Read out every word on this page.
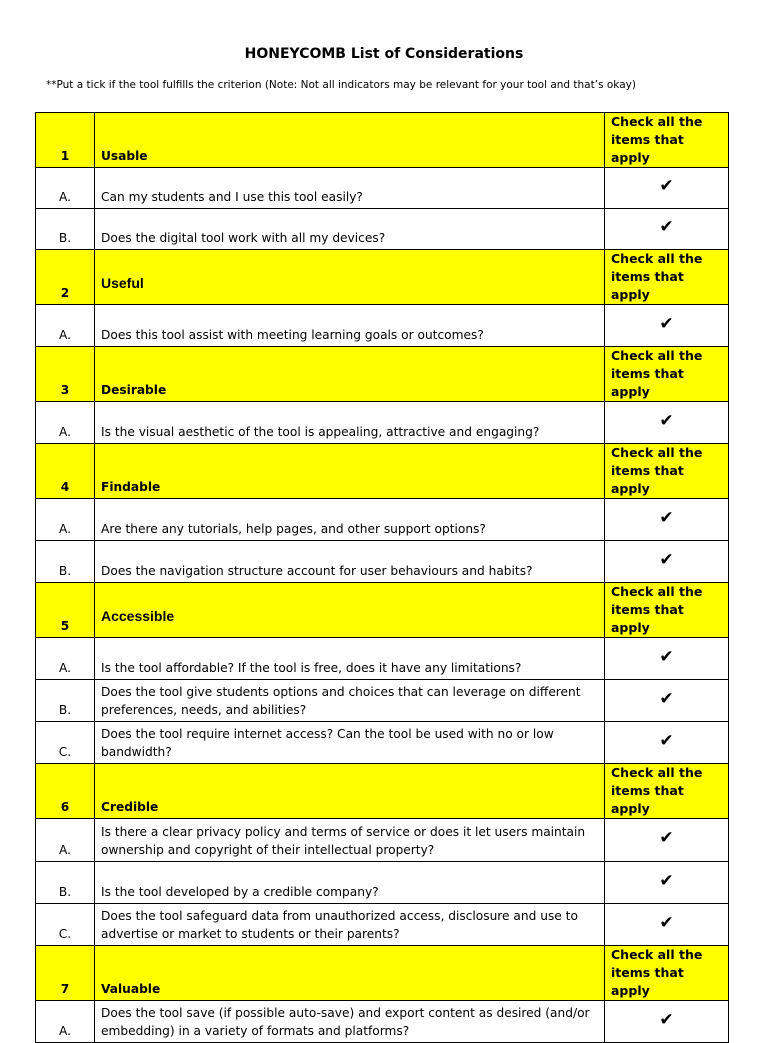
HONEYCOMB List of Considerations
**Put a tick if the tool fulfills the criterion (Note: Not all indicators may be relevant for your tool and that’s okay)
1	Usable	Check all the items that apply
A.	Can my students and I use this tool easily?	✔
B.	Does the digital tool work with all my devices?	✔
2	Useful	Check all the items that apply
A.	Does this tool assist with meeting learning goals or outcomes?	✔
3	Desirable	Check all the items that apply
A.	Is the visual aesthetic of the tool is appealing, attractive and engaging?	✔
4	Findable	Check all the items that apply
A.	Are there any tutorials, help pages, and other support options?	✔
B.	Does the navigation structure account for user behaviours and habits?	✔
5	Accessible	Check all the items that apply
A.	Is the tool affordable? If the tool is free, does it have any limitations?	✔
B.	Does the tool give students options and choices that can leverage on different preferences, needs, and abilities?	✔
C.	Does the tool require internet access? Can the tool be used with no or low bandwidth?	✔
6	Credible	Check all the items that apply
A.	Is there a clear privacy policy and terms of service or does it let users maintain ownership and copyright of their intellectual property?	✔
B.	Is the tool developed by a credible company?	✔
C.	Does the tool safeguard data from unauthorized access, disclosure and use to advertise or market to students or their parents?	✔
7	Valuable	Check all the items that apply
A.	Does the tool save (if possible auto-save) and export content as desired (and/or embedding) in a variety of formats and platforms?	✔
